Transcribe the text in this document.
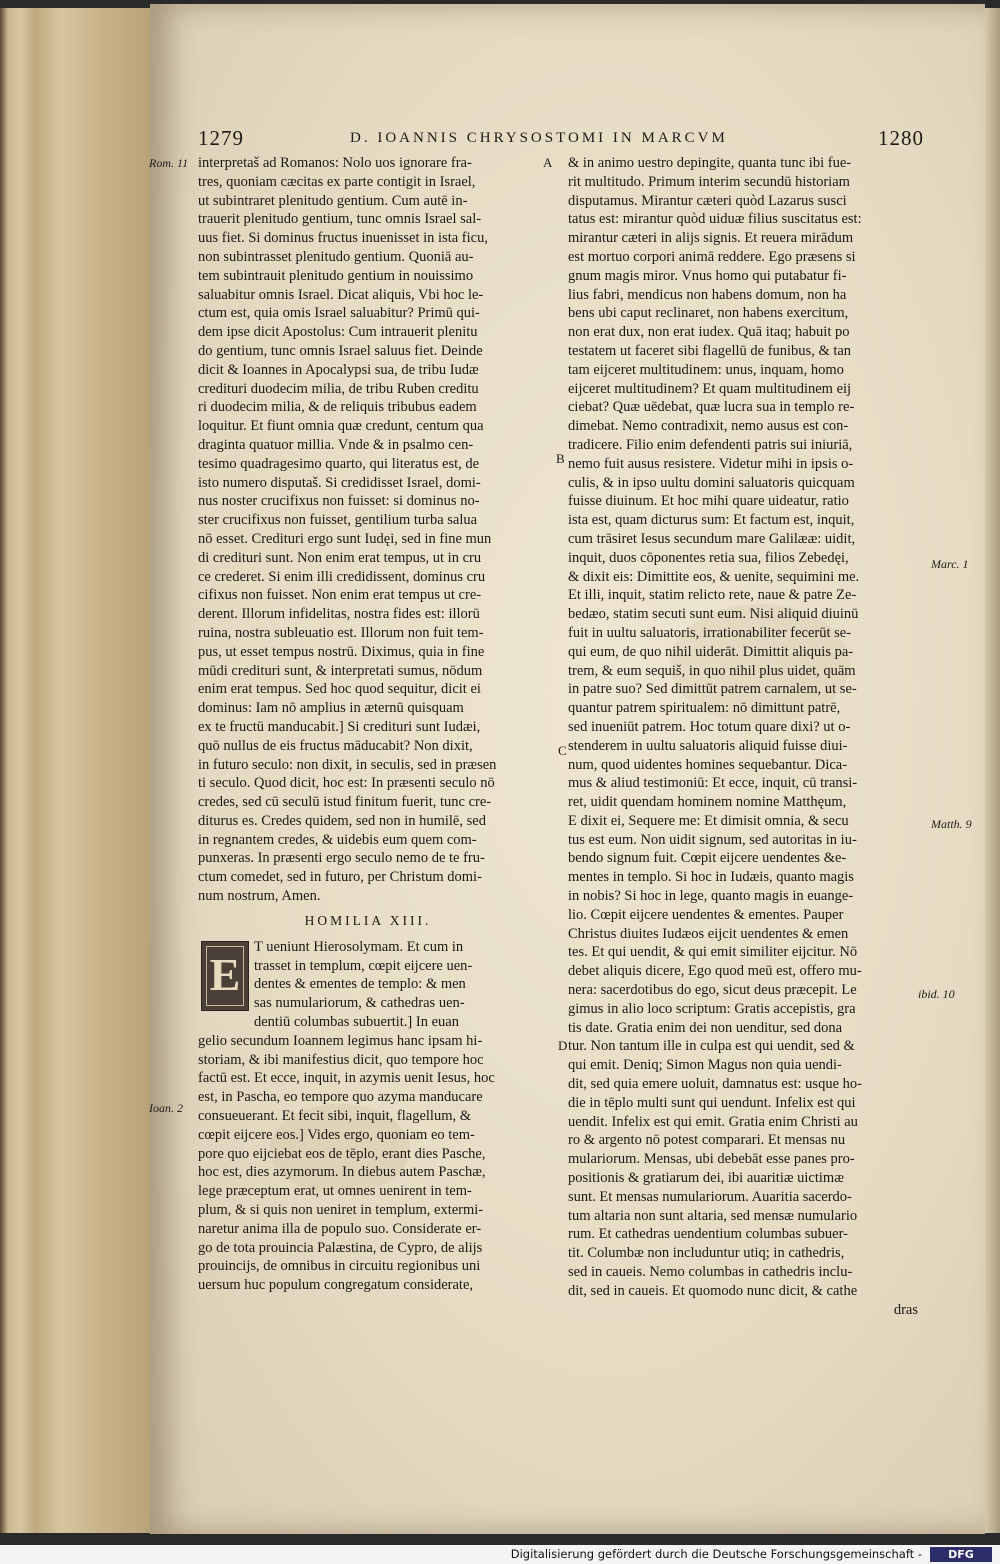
1279	D. IOANNIS CHRYSOSTOMI IN MARCVM	1280
Rom. 11
Ioan. 2
Marc. 1
Matth. 9
ibid. 10
A
B
C
D
interpretaš ad Romanos: Nolo uos ignorare fra-
tres, quoniam cæcitas ex parte contigit in Israel,
ut subintraret plenitudo gentium. Cum autē in-
trauerit plenitudo gentium, tunc omnis Israel sal-
uus fiet. Si dominus fructus inuenisset in ista ficu,
non subintrasset plenitudo gentium. Quoniā au-
tem subintrauit plenitudo gentium in nouissimo
saluabitur omnis Israel. Dicat aliquis, Vbi hoc le-
ctum est, quia omis Israel saluabitur? Primū qui-
dem ipse dicit Apostolus: Cum intrauerit plenitu
do gentium, tunc omnis Israel saluus fiet. Deinde
dicit & Ioannes in Apocalypsi sua, de tribu Iudæ
credituri duodecim milia, de tribu Ruben creditu
ri duodecim milia, & de reliquis tribubus eadem
loquitur. Et fiunt omnia quæ credunt, centum qua
draginta quatuor millia. Vnde & in psalmo cen-
tesimo quadragesimo quarto, qui literatus est, de
isto numero disputaš. Si credidisset Israel, domi-
nus noster crucifixus non fuisset: si dominus no-
ster crucifixus non fuisset, gentilium turba salua
nō esset. Credituri ergo sunt Iudęi, sed in fine mun
di credituri sunt. Non enim erat tempus, ut in cru
ce crederet. Si enim illi credidissent, dominus cru
cifixus non fuisset. Non enim erat tempus ut cre-
derent. Illorum infidelitas, nostra fides est: illorū
ruina, nostra subleuatio est. Illorum non fuit tem-
pus, ut esset tempus nostrū. Diximus, quia in fine
mūdi credituri sunt, & interpretati sumus, nōdum
enim erat tempus. Sed hoc quod sequitur, dicit ei
dominus: Iam nō amplius in æternū quisquam
ex te fructū manducabit.] Si credituri sunt Iudæi,
quō nullus de eis fructus māducabit? Non dixit,
in futuro seculo: non dixit, in seculis, sed in præsen
ti seculo. Quod dicit, hoc est: In præsenti seculo nō
credes, sed cū seculū istud finitum fuerit, tunc cre-
diturus es. Credes quidem, sed non in humilē, sed
in regnantem credes, & uidebis eum quem com-
punxeras. In præsenti ergo seculo nemo de te fru-
ctum comedet, sed in futuro, per Christum domi-
num nostrum, Amen.
HOMILIA XIII.
E
T ueniunt Hierosolymam. Et cum in
trasset in templum, cœpit eijcere uen-
dentes & ementes de templo: & men
sas numulariorum, & cathedras uen-
dentiū columbas subuertit.] In euan
gelio secundum Ioannem legimus hanc ipsam hi-
storiam, & ibi manifestius dicit, quo tempore hoc
factū est. Et ecce, inquit, in azymis uenit Iesus, hoc
est, in Pascha, eo tempore quo azyma manducare
consueuerant. Et fecit sibi, inquit, flagellum, &
cœpit eijcere eos.] Vides ergo, quoniam eo tem-
pore quo eijciebat eos de tēplo, erant dies Pasche,
hoc est, dies azymorum. In diebus autem Paschæ,
lege præceptum erat, ut omnes uenirent in tem-
plum, & si quis non ueniret in templum, extermi-
naretur anima illa de populo suo. Considerate er-
go de tota prouincia Palæstina, de Cypro, de alijs
prouincijs, de omnibus in circuitu regionibus uni
uersum huc populum congregatum considerate,
& in animo uestro depingite, quanta tunc ibi fue-
rit multitudo. Primum interim secundū historiam
disputamus. Mirantur cæteri quòd Lazarus susci
tatus est: mirantur quòd uiduæ filius suscitatus est:
mirantur cæteri in alijs signis. Et reuera mirādum
est mortuo corpori animā reddere. Ego præsens si
gnum magis miror. Vnus homo qui putabatur fi-
lius fabri, mendicus non habens domum, non ha
bens ubi caput reclinaret, non habens exercitum,
non erat dux, non erat iudex. Quā itaq; habuit po
testatem ut faceret sibi flagellū de funibus, & tan
tam eijceret multitudinem: unus, inquam, homo
eijceret multitudinem? Et quam multitudinem eij
ciebat? Quæ uēdebat, quæ lucra sua in templo re-
dimebat. Nemo contradixit, nemo ausus est con-
tradicere. Filio enim defendenti patris sui iniuriā,
nemo fuit ausus resistere. Videtur mihi in ipsis o-
culis, & in ipso uultu domini saluatoris quicquam
fuisse diuinum. Et hoc mihi quare uideatur, ratio
ista est, quam dicturus sum: Et factum est, inquit,
cum trāsiret Iesus secundum mare Galilææ: uidit,
inquit, duos cōponentes retia sua, filios Zebedęi,
& dixit eis: Dimittite eos, & uenite, sequimini me.
Et illi, inquit, statim relicto rete, naue & patre Ze-
bedæo, statim secuti sunt eum. Nisi aliquid diuinū
fuit in uultu saluatoris, irrationabiliter fecerūt se-
qui eum, de quo nihil uiderāt. Dimittit aliquis pa-
trem, & eum sequiš, in quo nihil plus uidet, quām
in patre suo? Sed dimittūt patrem carnalem, ut se-
quantur patrem spiritualem: nō dimittunt patrē,
sed inueniūt patrem. Hoc totum quare dixi? ut o-
stenderem in uultu saluatoris aliquid fuisse diui-
num, quod uidentes homines sequebantur. Dica-
mus & aliud testimoniū: Et ecce, inquit, cū transi-
ret, uidit quendam hominem nomine Matthęum,
E dixit ei, Sequere me: Et dimisit omnia, & secu
tus est eum. Non uidit signum, sed autoritas in iu-
bendo signum fuit. Cœpit eijcere uendentes &e-
mentes in templo. Si hoc in Iudæis, quanto magis
in nobis? Si hoc in lege, quanto magis in euange-
lio. Cœpit eijcere uendentes & ementes. Pauper
Christus diuites Iudæos eijcit uendentes & emen
tes. Et qui uendit, & qui emit similiter eijcitur. Nō
debet aliquis dicere, Ego quod meū est, offero mu-
nera: sacerdotibus do ego, sicut deus præcepit. Le
gimus in alio loco scriptum: Gratis accepistis, gra
tis date. Gratia enim dei non uenditur, sed dona
tur. Non tantum ille in culpa est qui uendit, sed &
qui emit. Deniq; Simon Magus non quia uendi-
dit, sed quia emere uoluit, damnatus est: usque ho-
die in tēplo multi sunt qui uendunt. Infelix est qui
uendit. Infelix est qui emit. Gratia enim Christi au
ro & argento nō potest comparari. Et mensas nu
mulariorum. Mensas, ubi debebāt esse panes pro-
positionis & gratiarum dei, ibi auaritiæ uictimæ
sunt. Et mensas numulariorum. Auaritia sacerdo-
tum altaria non sunt altaria, sed mensæ numulario
rum. Et cathedras uendentium columbas subuer-
tit. Columbæ non includuntur utiq; in cathedris,
sed in caueis. Nemo columbas in cathedris inclu-
dit, sed in caueis. Et quomodo nunc dicit, & cathe
dras
Digitalisierung gefördert durch die Deutsche Forschungsgemeinschaft -	DFG
